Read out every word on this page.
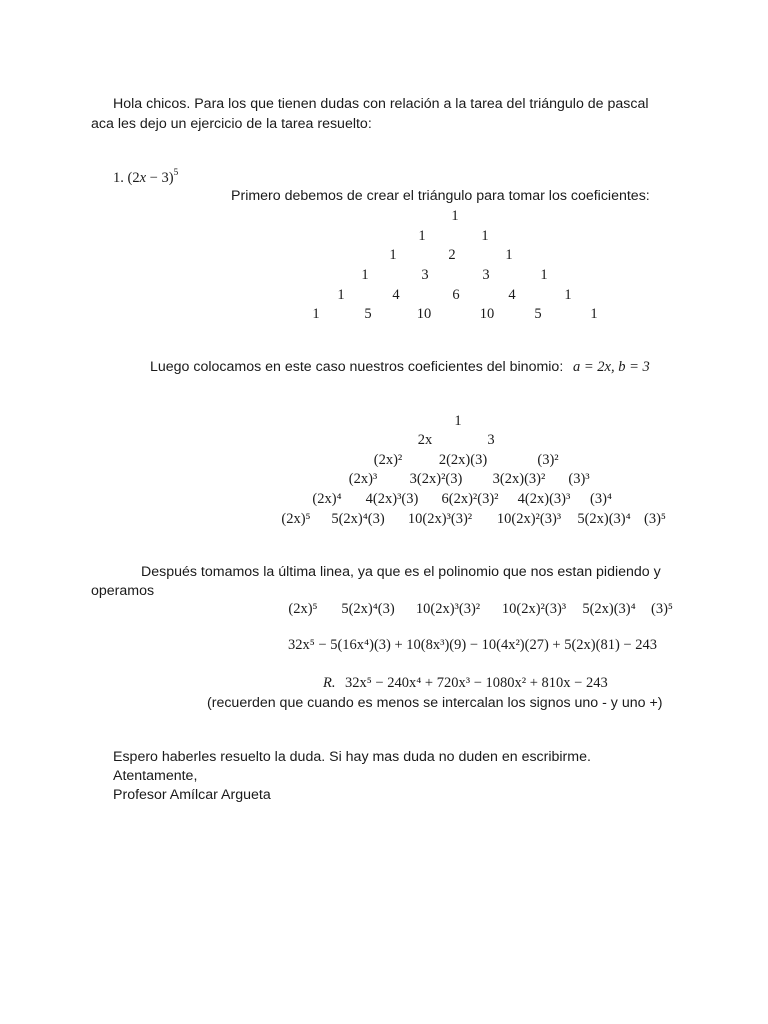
Hola chicos. Para los que tienen dudas con relación a la tarea del triángulo de pascal
aca les dejo un ejercicio de la tarea resuelto:
1. $(2x - 3)^5$
Primero debemos de crear el triángulo para tomar los coeficientes:
1
1	1
1	2	1
1	3	3	1
1	4	6	4	1
1	5	10	10	5	1
Luego colocamos en este caso nuestros coeficientes del binomio: a = 2x, b = 3
1
2x	3
(2x)²	2(2x)(3)	(3)²
(2x)³ 3(2x)²(3) 3(2x)(3)² (3)³
(2x)⁴ 4(2x)³(3) 6(2x)²(3)² 4(2x)(3)³ (3)⁴
(2x)⁵ 5(2x)⁴(3) 10(2x)³(3)² 10(2x)²(3)³ 5(2x)(3)⁴ (3)⁵
Después tomamos la última linea, ya que es el polinomio que nos estan pidiendo y
operamos
(2x)⁵ 5(2x)⁴(3) 10(2x)³(3)² 10(2x)²(3)³ 5(2x)(3)⁴ (3)⁵
32x⁵ − 5(16x⁴)(3) + 10(8x³)(9) − 10(4x²)(27) + 5(2x)(81) − 243
R. 32x⁵ − 240x⁴ + 720x³ − 1080x² + 810x − 243
(recuerden que cuando es menos se intercalan los signos uno - y uno +)
Espero haberles resuelto la duda. Si hay mas duda no duden en escribirme.
Atentamente,
Profesor Amílcar Argueta
